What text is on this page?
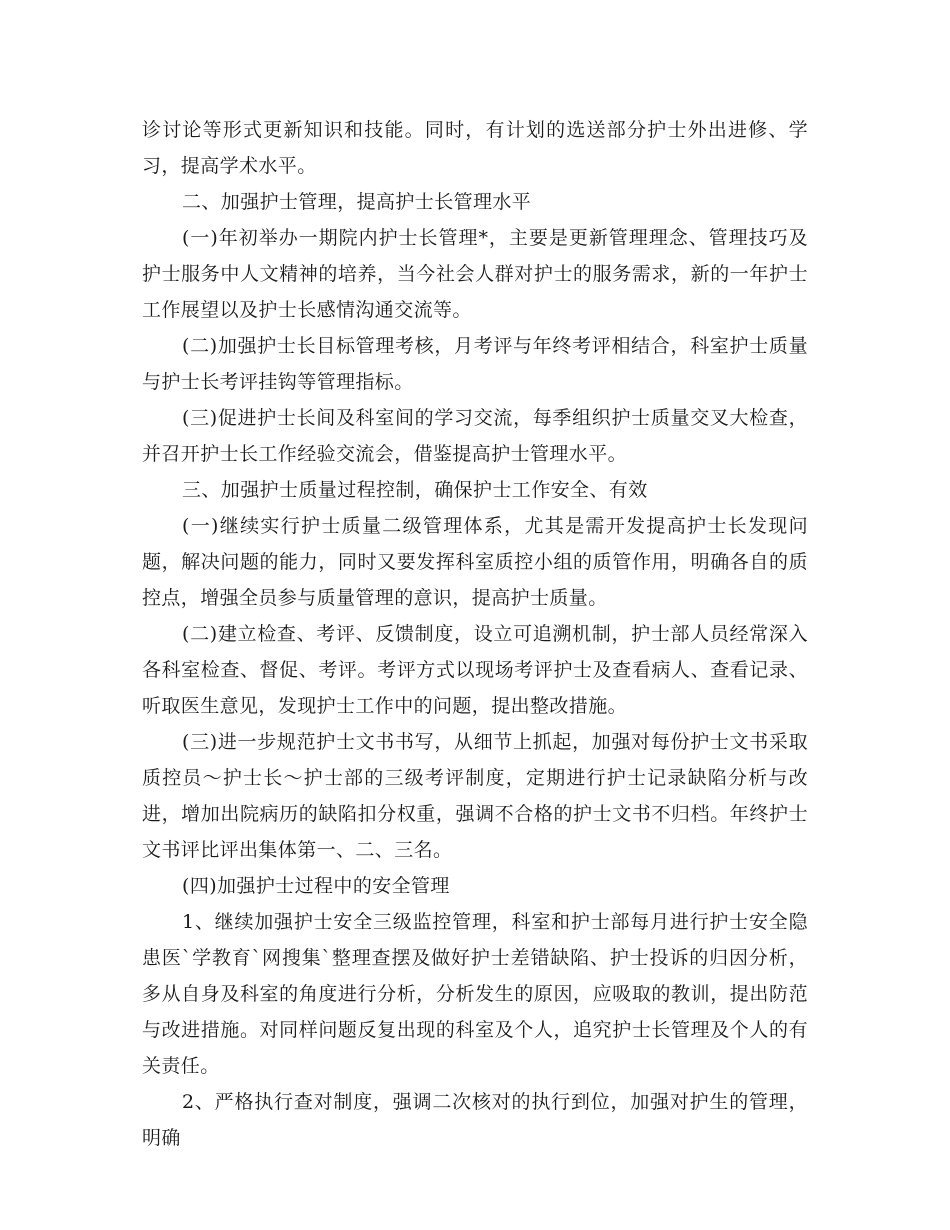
诊讨论等形式更新知识和技能。同时，有计划的选送部分护士外出进修、学习，提高学术水平。

二、加强护士管理，提高护士长管理水平

(一)年初举办一期院内护士长管理*，主要是更新管理理念、管理技巧及护士服务中人文精神的培养，当今社会人群对护士的服务需求，新的一年护士工作展望以及护士长感情沟通交流等。

(二)加强护士长目标管理考核，月考评与年终考评相结合，科室护士质量与护士长考评挂钩等管理指标。

(三)促进护士长间及科室间的学习交流，每季组织护士质量交叉大检查，并召开护士长工作经验交流会，借鉴提高护士管理水平。

三、加强护士质量过程控制，确保护士工作安全、有效

(一)继续实行护士质量二级管理体系，尤其是需开发提高护士长发现问题，解决问题的能力，同时又要发挥科室质控小组的质管作用，明确各自的质控点，增强全员参与质量管理的意识，提高护士质量。

(二)建立检查、考评、反馈制度，设立可追溯机制，护士部人员经常深入各科室检查、督促、考评。考评方式以现场考评护士及查看病人、查看记录、听取医生意见，发现护士工作中的问题，提出整改措施。

(三)进一步规范护士文书书写，从细节上抓起，加强对每份护士文书采取质控员～护士长～护士部的三级考评制度，定期进行护士记录缺陷分析与改进，增加出院病历的缺陷扣分权重，强调不合格的护士文书不归档。年终护士文书评比评出集体第一、二、三名。

(四)加强护士过程中的安全管理

1、继续加强护士安全三级监控管理，科室和护士部每月进行护士安全隐患医`学教育`网搜集`整理查摆及做好护士差错缺陷、护士投诉的归因分析，多从自身及科室的角度进行分析，分析发生的原因，应吸取的教训，提出防范与改进措施。对同样问题反复出现的科室及个人，追究护士长管理及个人的有关责任。

2、严格执行查对制度，强调二次核对的执行到位，加强对护生的管理，明确
